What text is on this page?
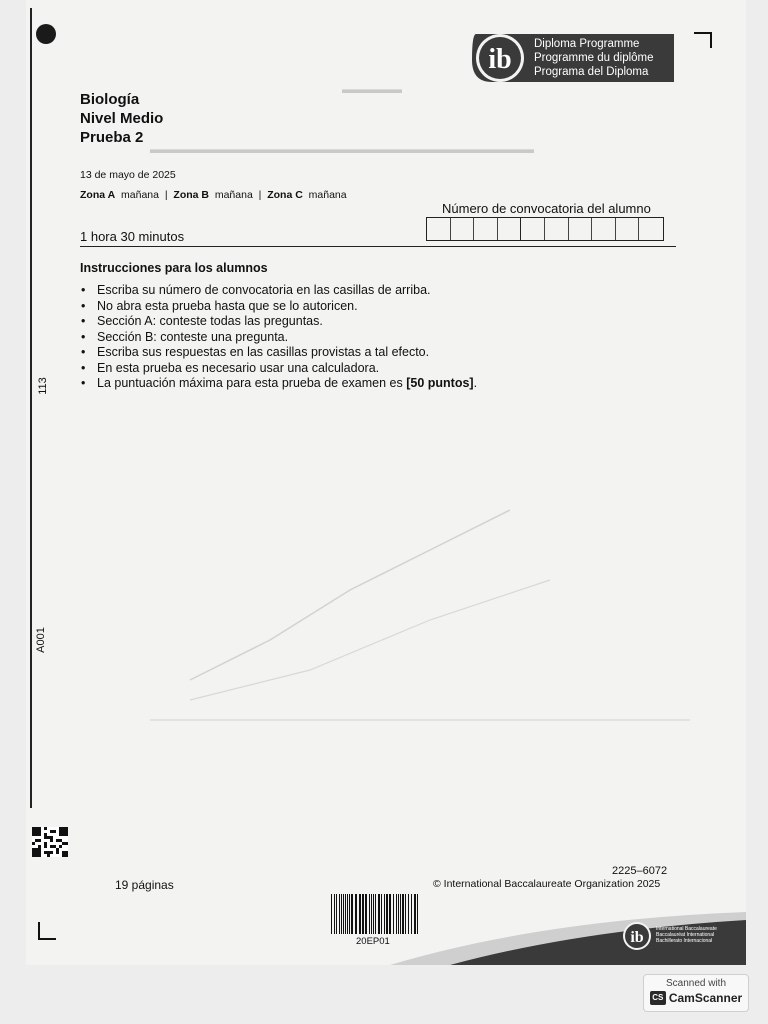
▬▬▬▬▬
▬▬▬▬▬▬▬▬▬▬▬▬▬▬▬▬▬▬▬▬▬▬▬▬▬▬▬▬▬▬▬▬
ib Diploma Programme
Programme du diplôme
Programa del Diploma
Biología
Nivel Medio
Prueba 2
13 de mayo de 2025
Zona A mañana  |  Zona B mañana  |  Zona C mañana
1 hora 30 minutos
Número de convocatoria del alumno
Instrucciones para los alumnos
• Escriba su número de convocatoria en las casillas de arriba.
• No abra esta prueba hasta que se lo autoricen.
• Sección A: conteste todas las preguntas.
• Sección B: conteste una pregunta.
• Escriba sus respuestas en las casillas provistas a tal efecto.
• En esta prueba es necesario usar una calculadora.
• La puntuación máxima para esta prueba de examen es [50 puntos].
113
A001
19 páginas
2225–6072
© International Baccalaureate Organization 2025
20EP01	ib International Baccalaureate
Baccalauréat International
Bachillerato Internacional
Scanned with
CS CamScanner
